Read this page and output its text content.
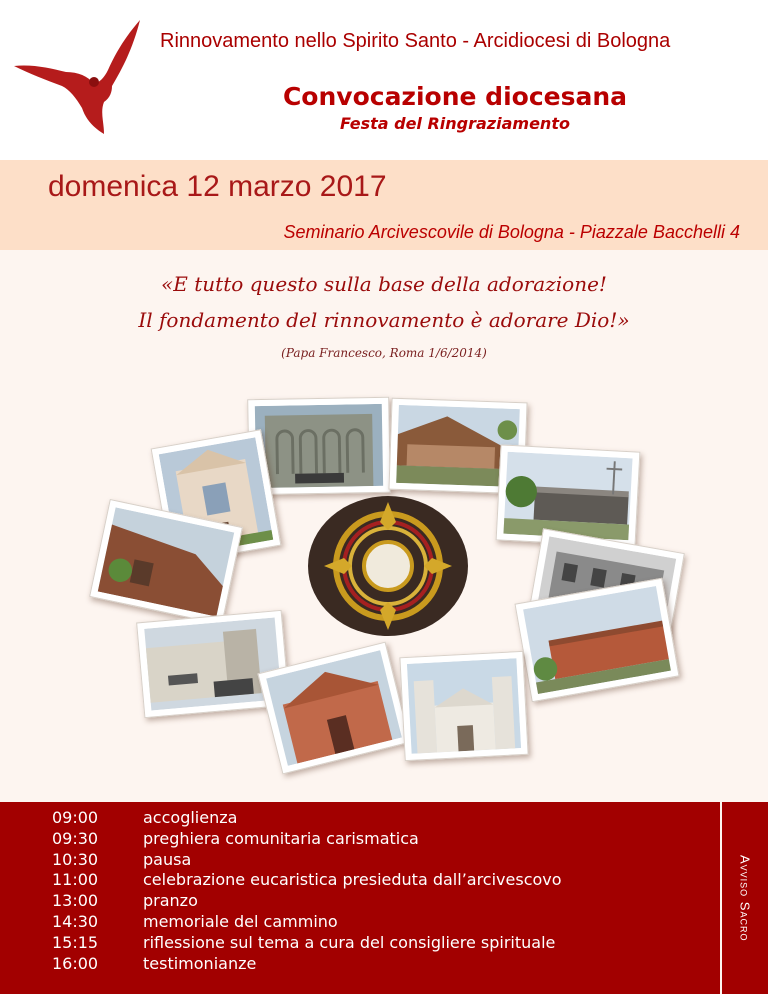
Rinnovamento nello Spirito Santo - Arcidiocesi di Bologna
Convocazione diocesana
Festa del Ringraziamento
domenica 12 marzo 2017
Seminario Arcivescovile di Bologna - Piazzale Bacchelli 4
«E tutto questo sulla base della adorazione!
Il fondamento del rinnovamento è adorare Dio!»
(Papa Francesco, Roma 1/6/2014)
09:00	accoglienza
09:30	preghiera comunitaria carismatica
10:30	pausa
11:00	celebrazione eucaristica presieduta dall’arcivescovo
13:00	pranzo
14:30	memoriale del cammino
15:15	riflessione sul tema a cura del consigliere spirituale
16:00	testimonianze
Avviso Sacro
